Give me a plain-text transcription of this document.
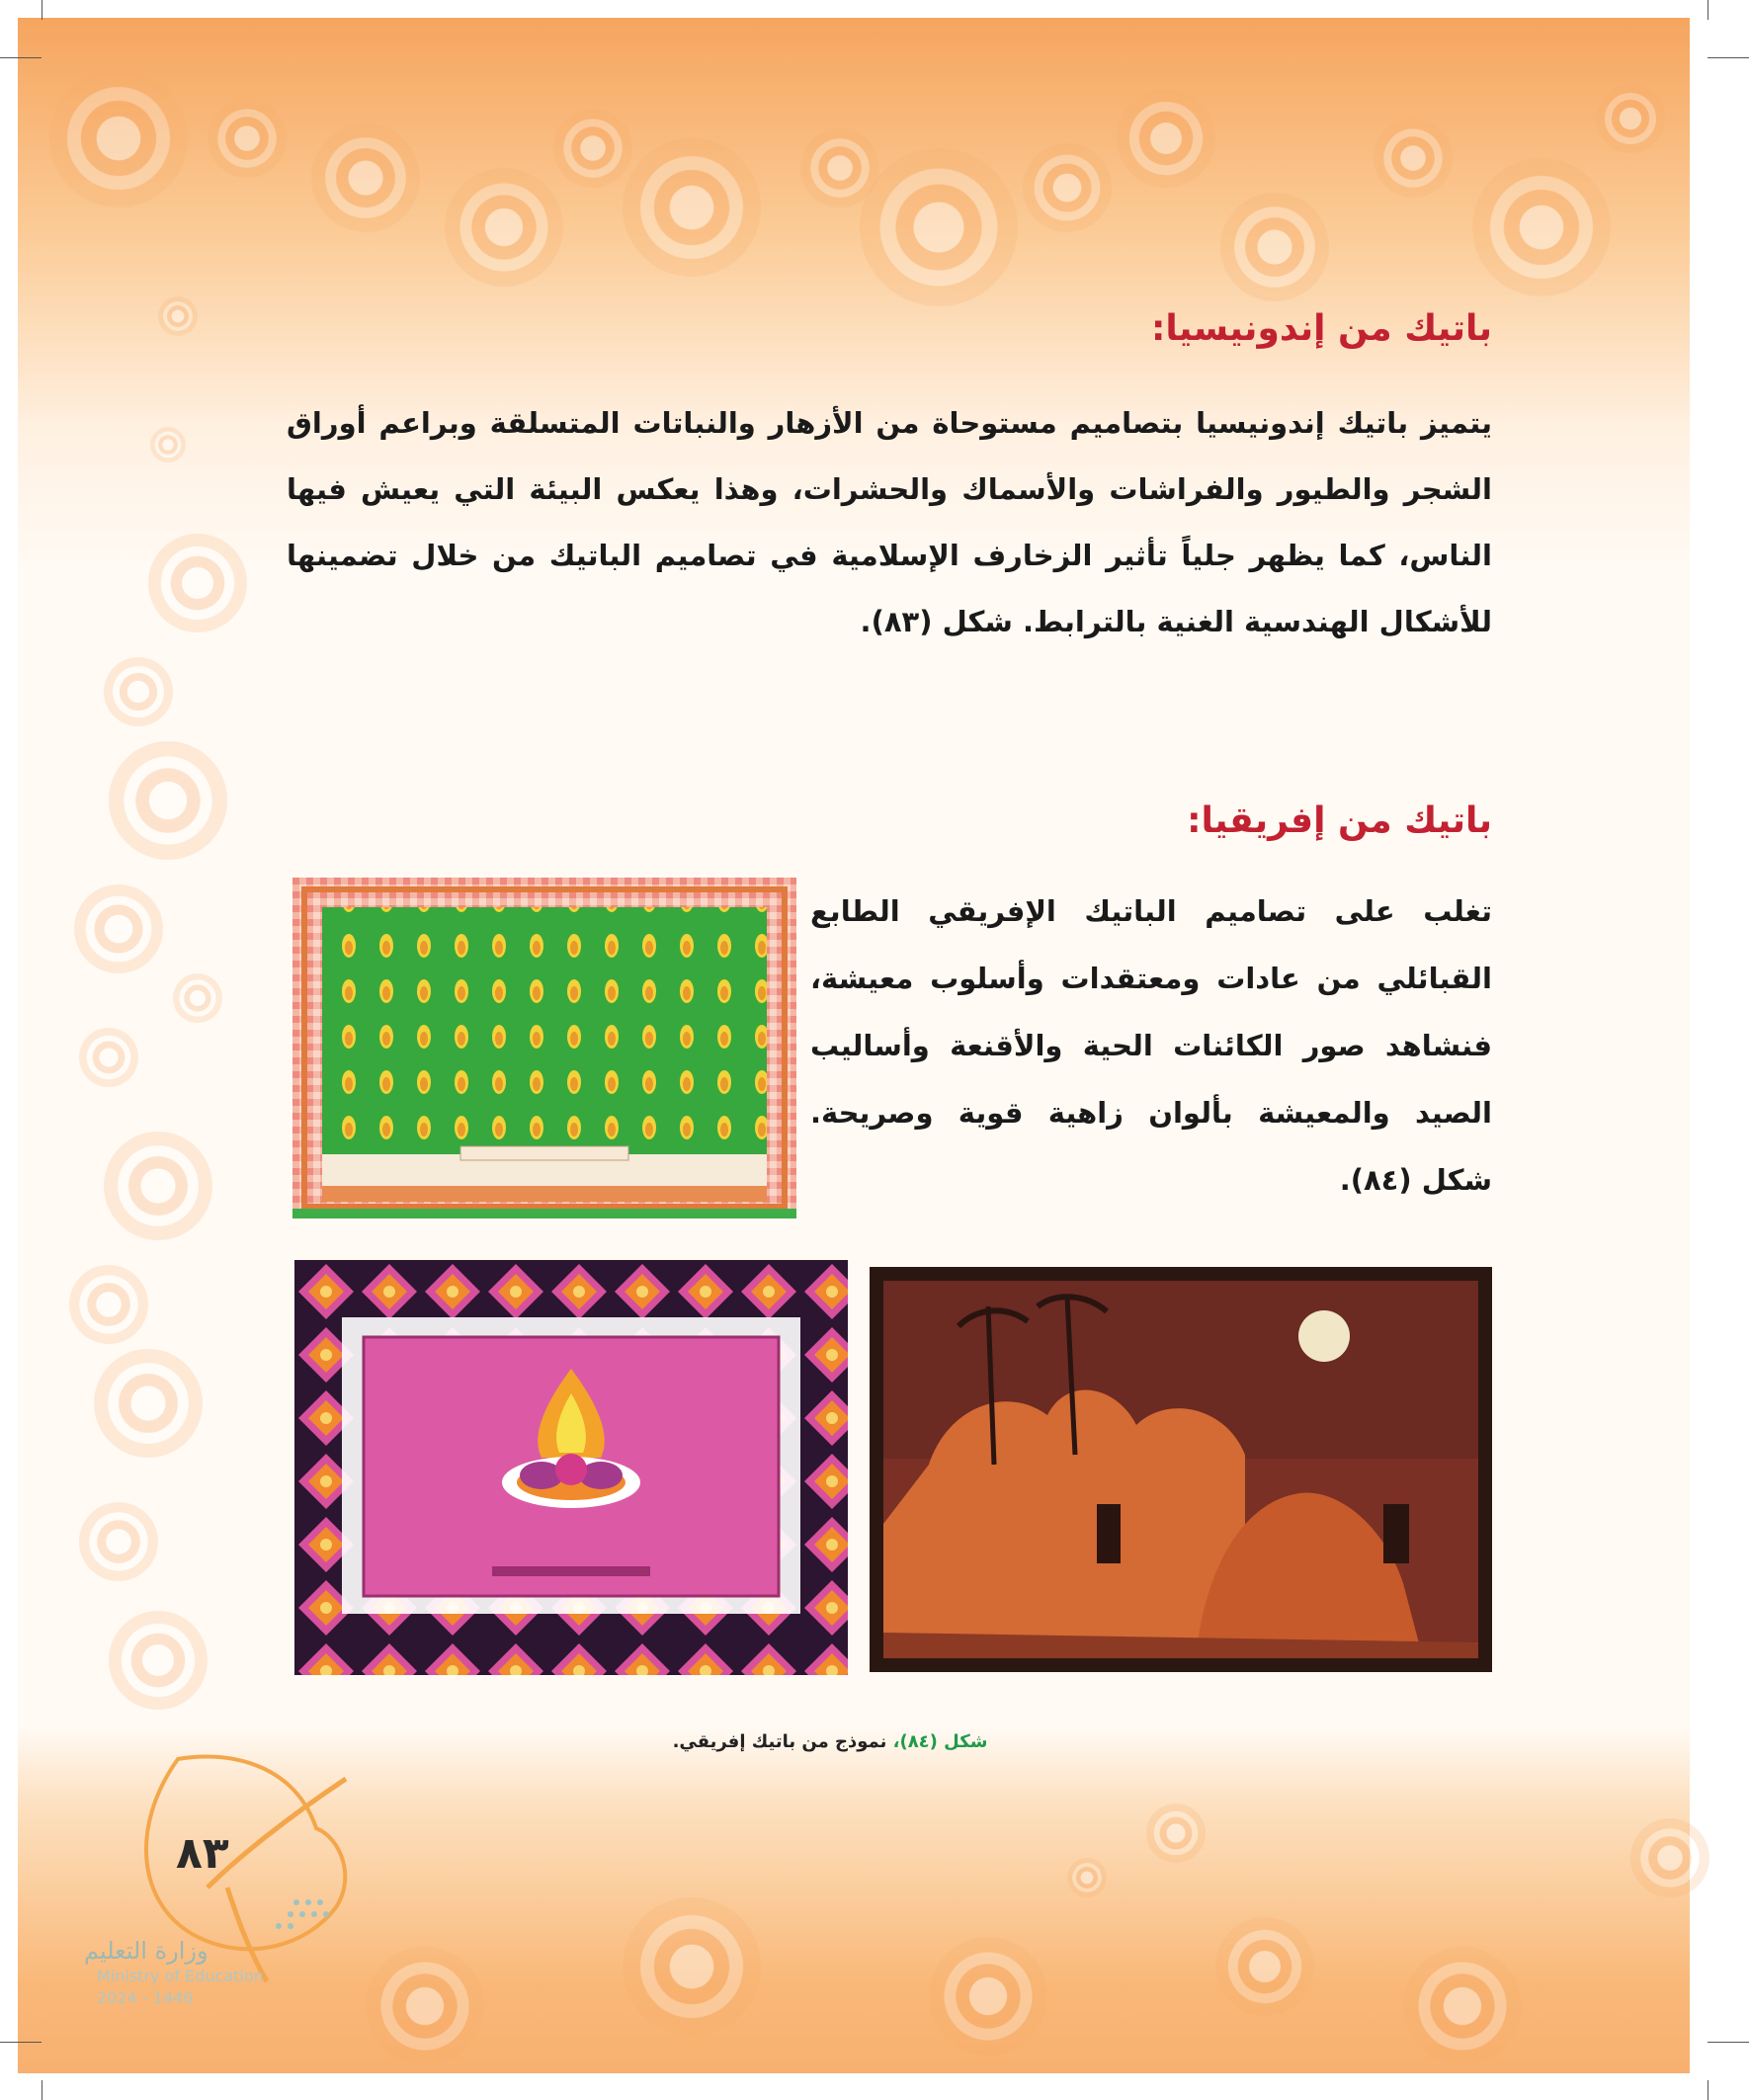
باتيك من إندونيسيا:

يتميز باتيك إندونيسيا بتصاميم مستوحاة من الأزهار والنباتات المتسلقة وبراعم أوراق الشجر والطيور والفراشات والأسماك والحشرات، وهذا يعكس البيئة التي يعيش فيها الناس، كما يظهر جلياً تأثير الزخارف الإسلامية في تصاميم الباتيك من خلال تضمينها للأشكال الهندسية الغنية بالترابط. شكل (٨٣).

باتيك من إفريقيا:

تغلب على تصاميم الباتيك الإفريقي الطابع القبائلي من عادات ومعتقدات وأسلوب معيشة، فنشاهد صور الكائنات الحية والأقنعة وأساليب الصيد والمعيشة بألوان زاهية قوية وصريحة. شكل (٨٤).

شكل (٨٤)، نموذج من باتيك إفريقي.

٨٣
وزارة التعليم
Ministry of Education
2024 - 1446
